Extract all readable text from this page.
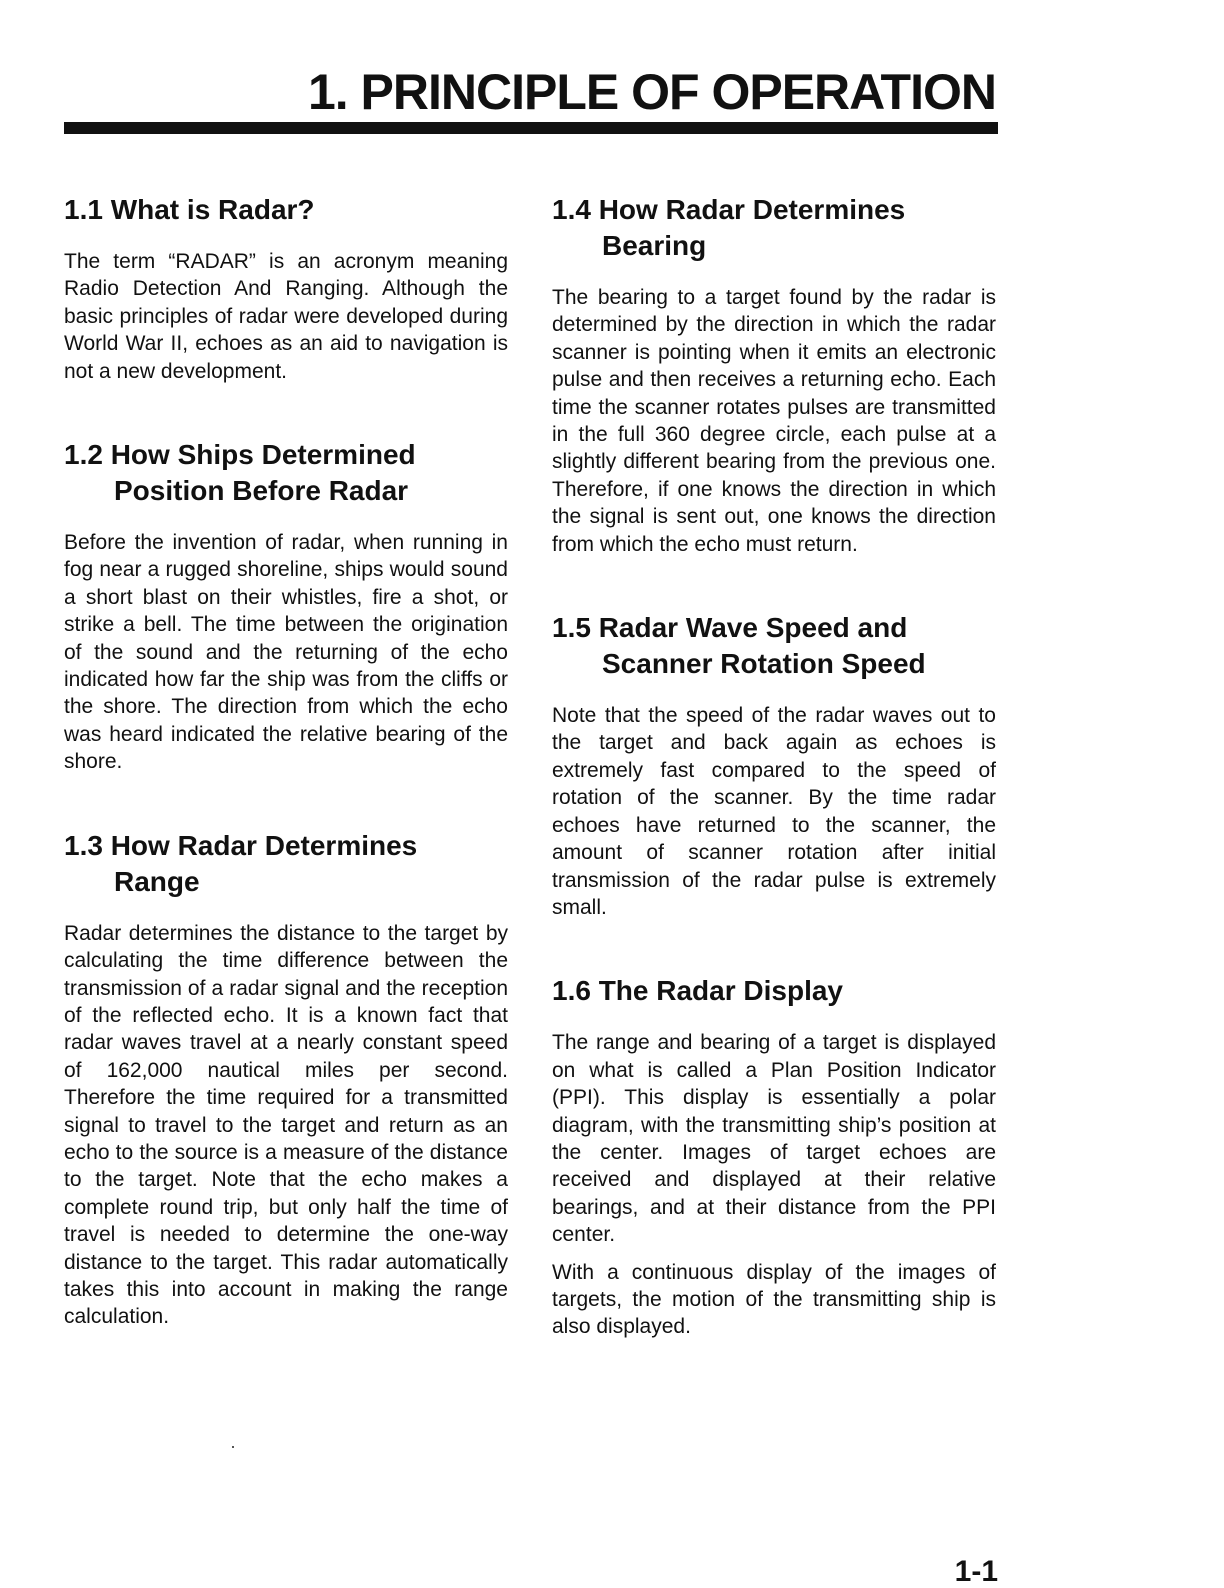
1. PRINCIPLE OF OPERATION
1.1 What is Radar?

The term “RADAR” is an acronym meaning Radio Detection And Ranging. Although the basic principles of radar were developed during World War II, echoes as an aid to navigation is not a new development.

1.2 How Ships Determined Position Before Radar

Before the invention of radar, when running in fog near a rugged shoreline, ships would sound a short blast on their whistles, fire a shot, or strike a bell. The time between the origination of the sound and the returning of the echo indicated how far the ship was from the cliffs or the shore. The direction from which the echo was heard indicated the relative bearing of the shore.

1.3 How Radar Determines Range

Radar determines the distance to the target by calculating the time difference between the transmission of a radar signal and the reception of the reflected echo. It is a known fact that radar waves travel at a nearly constant speed of 162,000 nautical miles per second. Therefore the time required for a transmitted signal to travel to the target and return as an echo to the source is a measure of the distance to the target. Note that the echo makes a complete round trip, but only half the time of travel is needed to determine the one-way distance to the target. This radar automatically takes this into account in making the range calculation.

1.4 How Radar Determines Bearing

The bearing to a target found by the radar is determined by the direction in which the radar scanner is pointing when it emits an electronic pulse and then receives a returning echo. Each time the scanner rotates pulses are transmitted in the full 360 degree circle, each pulse at a slightly different bearing from the previous one. Therefore, if one knows the direction in which the signal is sent out, one knows the direction from which the echo must return.

1.5 Radar Wave Speed and Scanner Rotation Speed

Note that the speed of the radar waves out to the target and back again as echoes is extremely fast compared to the speed of rotation of the scanner. By the time radar echoes have returned to the scanner, the amount of scanner rotation after initial transmission of the radar pulse is extremely small.

1.6 The Radar Display

The range and bearing of a target is displayed on what is called a Plan Position Indicator (PPI). This display is essentially a polar diagram, with the transmitting ship’s position at the center. Images of target echoes are received and displayed at their relative bearings, and at their distance from the PPI center.

With a continuous display of the images of targets, the motion of the transmitting ship is also displayed.

1-1
